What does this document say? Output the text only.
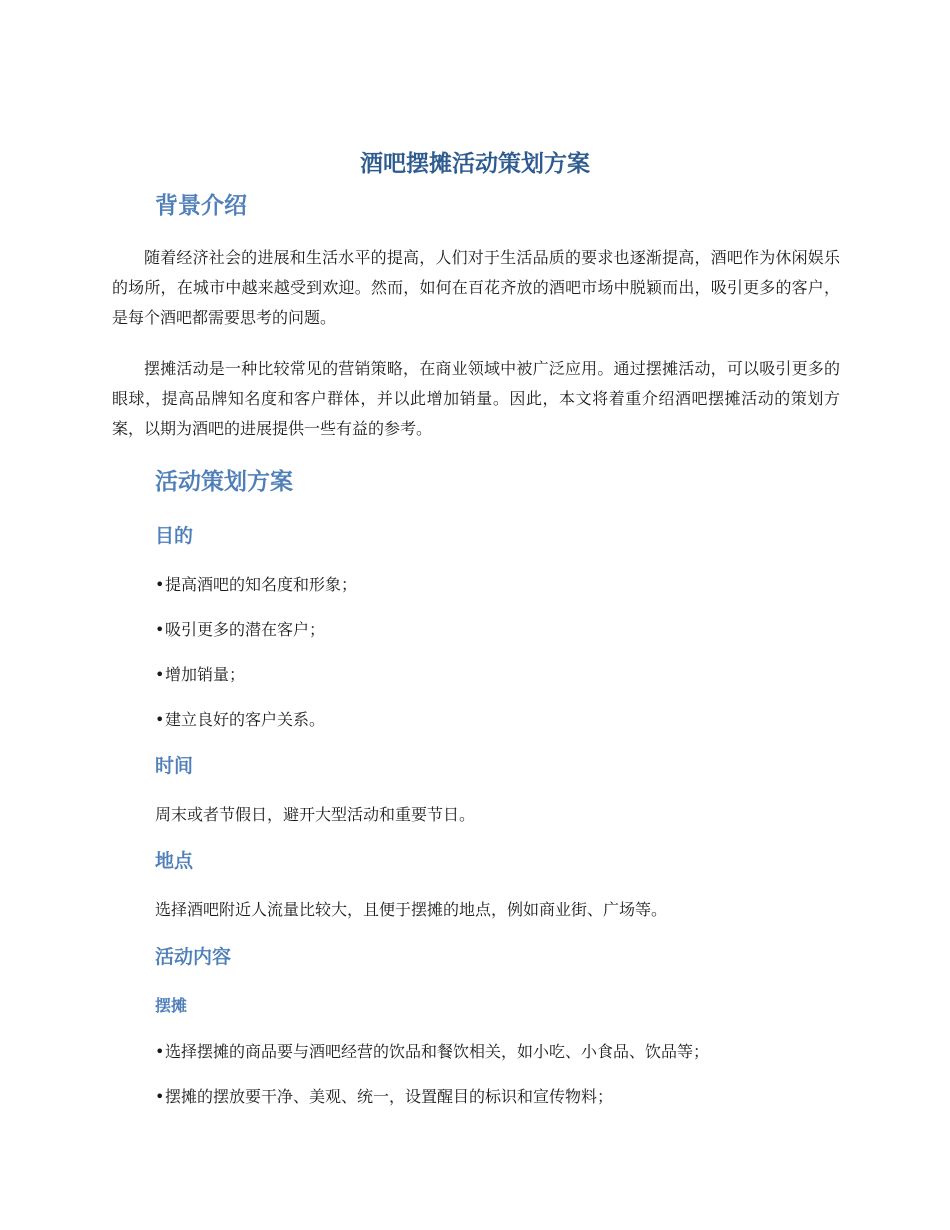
酒吧摆摊活动策划方案
背景介绍

随着经济社会的进展和生活水平的提高，人们对于生活品质的要求也逐渐提高，酒吧作为休闲娱乐的场所，在城市中越来越受到欢迎。然而，如何在百花齐放的酒吧市场中脱颖而出，吸引更多的客户，是每个酒吧都需要思考的问题。

摆摊活动是一种比较常见的营销策略，在商业领域中被广泛应用。通过摆摊活动，可以吸引更多的眼球，提高品牌知名度和客户群体，并以此增加销量。因此，本文将着重介绍酒吧摆摊活动的策划方案，以期为酒吧的进展提供一些有益的参考。

活动策划方案
目的

•提高酒吧的知名度和形象；

•吸引更多的潜在客户；

•增加销量；

•建立良好的客户关系。

时间

周末或者节假日，避开大型活动和重要节日。

地点

选择酒吧附近人流量比较大，且便于摆摊的地点，例如商业街、广场等。

活动内容
摆摊

•选择摆摊的商品要与酒吧经营的饮品和餐饮相关，如小吃、小食品、饮品等；

•摆摊的摆放要干净、美观、统一，设置醒目的标识和宣传物料；
